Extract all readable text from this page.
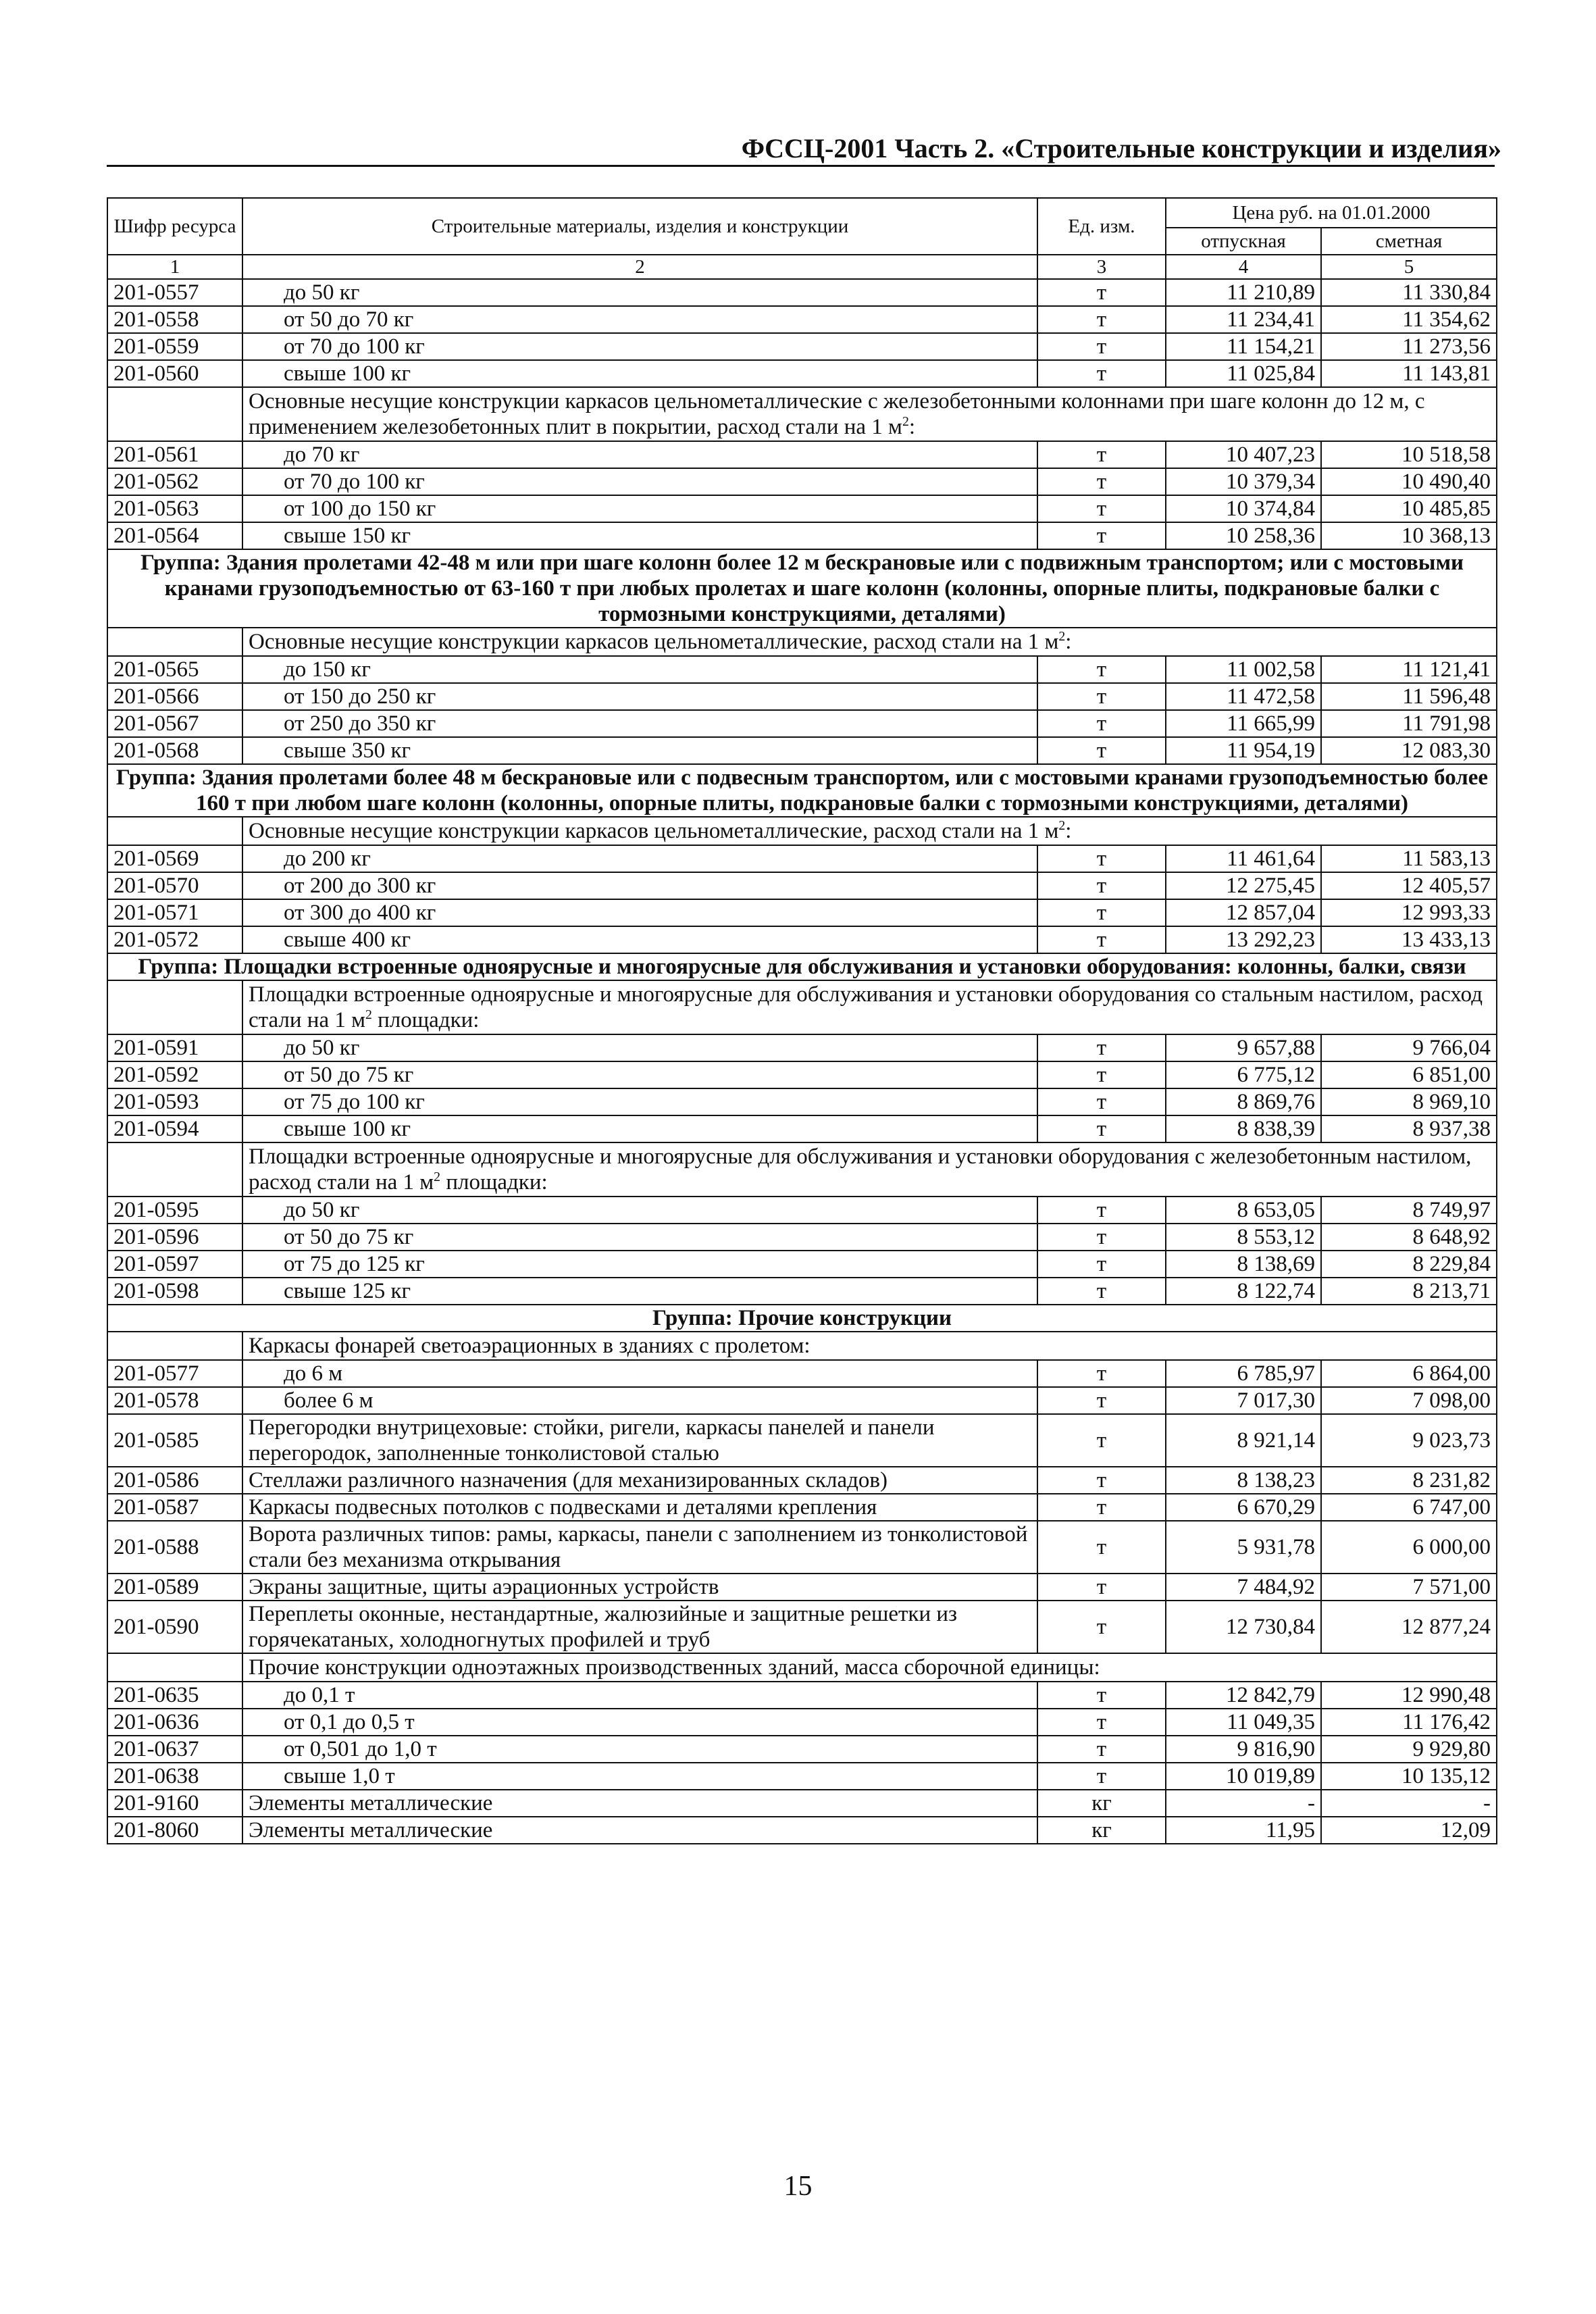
ФССЦ-2001 Часть 2. «Строительные конструкции и изделия»
Шифр ресурса	Строительные материалы, изделия и конструкции	Ед. изм.	Цена руб. на 01.01.2000	
			отпускная	сметная
1	2	3	4	5
201-0557	до 50 кг	т	11 210,89	11 330,84
201-0558	от 50 до 70 кг	т	11 234,41	11 354,62
201-0559	от 70 до 100 кг	т	11 154,21	11 273,56
201-0560	свыше 100 кг	т	11 025,84	11 143,81
	Основные несущие конструкции каркасов цельнометаллические с железобетонными колоннами при шаге колонн до 12 м, с применением железобетонных плит в покрытии, расход стали на 1 $м^2$:			
201-0561	до 70 кг	т	10 407,23	10 518,58
201-0562	от 70 до 100 кг	т	10 379,34	10 490,40
201-0563	от 100 до 150 кг	т	10 374,84	10 485,85
201-0564	свыше 150 кг	т	10 258,36	10 368,13
Группа: Здания пролетами 42-48 м или при шаге колонн более 12 м бескрановые или с подвижным транспортом; или с мостовыми кранами грузоподъемностью от 63-160 т при любых пролетах и шаге колонн (колонны, опорные плиты, подкрановые балки с тормозными конструкциями, деталями)				
	Основные несущие конструкции каркасов цельнометаллические, расход стали на 1 $м^2$:			
201-0565	до 150 кг	т	11 002,58	11 121,41
201-0566	от 150 до 250 кг	т	11 472,58	11 596,48
201-0567	от 250 до 350 кг	т	11 665,99	11 791,98
201-0568	свыше 350 кг	т	11 954,19	12 083,30
Группа: Здания пролетами более 48 м бескрановые или с подвесным транспортом, или с мостовыми кранами грузоподъемностью более 160 т при любом шаге колонн (колонны, опорные плиты, подкрановые балки с тормозными конструкциями, деталями)				
	Основные несущие конструкции каркасов цельнометаллические, расход стали на 1 $м^2$:			
201-0569	до 200 кг	т	11 461,64	11 583,13
201-0570	от 200 до 300 кг	т	12 275,45	12 405,57
201-0571	от 300 до 400 кг	т	12 857,04	12 993,33
201-0572	свыше 400 кг	т	13 292,23	13 433,13
Группа: Площадки встроенные одноярусные и многоярусные для обслуживания и установки оборудования: колонны, балки, связи				
	Площадки встроенные одноярусные и многоярусные для обслуживания и установки оборудования со стальным настилом, расход стали на 1 $м^2$ площадки:			
201-0591	до 50 кг	т	9 657,88	9 766,04
201-0592	от 50 до 75 кг	т	6 775,12	6 851,00
201-0593	от 75 до 100 кг	т	8 869,76	8 969,10
201-0594	свыше 100 кг	т	8 838,39	8 937,38
	Площадки встроенные одноярусные и многоярусные для обслуживания и установки оборудования с железобетонным настилом, расход стали на 1 $м^2$ площадки:			
201-0595	до 50 кг	т	8 653,05	8 749,97
201-0596	от 50 до 75 кг	т	8 553,12	8 648,92
201-0597	от 75 до 125 кг	т	8 138,69	8 229,84
201-0598	свыше 125 кг	т	8 122,74	8 213,71
Группа: Прочие конструкции				
	Каркасы фонарей светоаэрационных в зданиях с пролетом:			
201-0577	до 6 м	т	6 785,97	6 864,00
201-0578	более 6 м	т	7 017,30	7 098,00
201-0585	Перегородки внутрицеховые: стойки, ригели, каркасы панелей и панели перегородок, заполненные тонколистовой сталью	т	8 921,14	9 023,73
201-0586	Стеллажи различного назначения (для механизированных складов)	т	8 138,23	8 231,82
201-0587	Каркасы подвесных потолков с подвесками и деталями крепления	т	6 670,29	6 747,00
201-0588	Ворота различных типов: рамы, каркасы, панели с заполнением из тонколистовой стали без механизма открывания	т	5 931,78	6 000,00
201-0589	Экраны защитные, щиты аэрационных устройств	т	7 484,92	7 571,00
201-0590	Переплеты оконные, нестандартные, жалюзийные и защитные решетки из горячекатаных, холодногнутых профилей и труб	т	12 730,84	12 877,24
	Прочие конструкции одноэтажных производственных зданий, масса сборочной единицы:			
201-0635	до 0,1 т	т	12 842,79	12 990,48
201-0636	от 0,1 до 0,5 т	т	11 049,35	11 176,42
201-0637	от 0,501 до 1,0 т	т	9 816,90	9 929,80
201-0638	свыше 1,0 т	т	10 019,89	10 135,12
201-9160	Элементы металлические	кг	-	-
201-8060	Элементы металлические	кг	11,95	12,09
15
